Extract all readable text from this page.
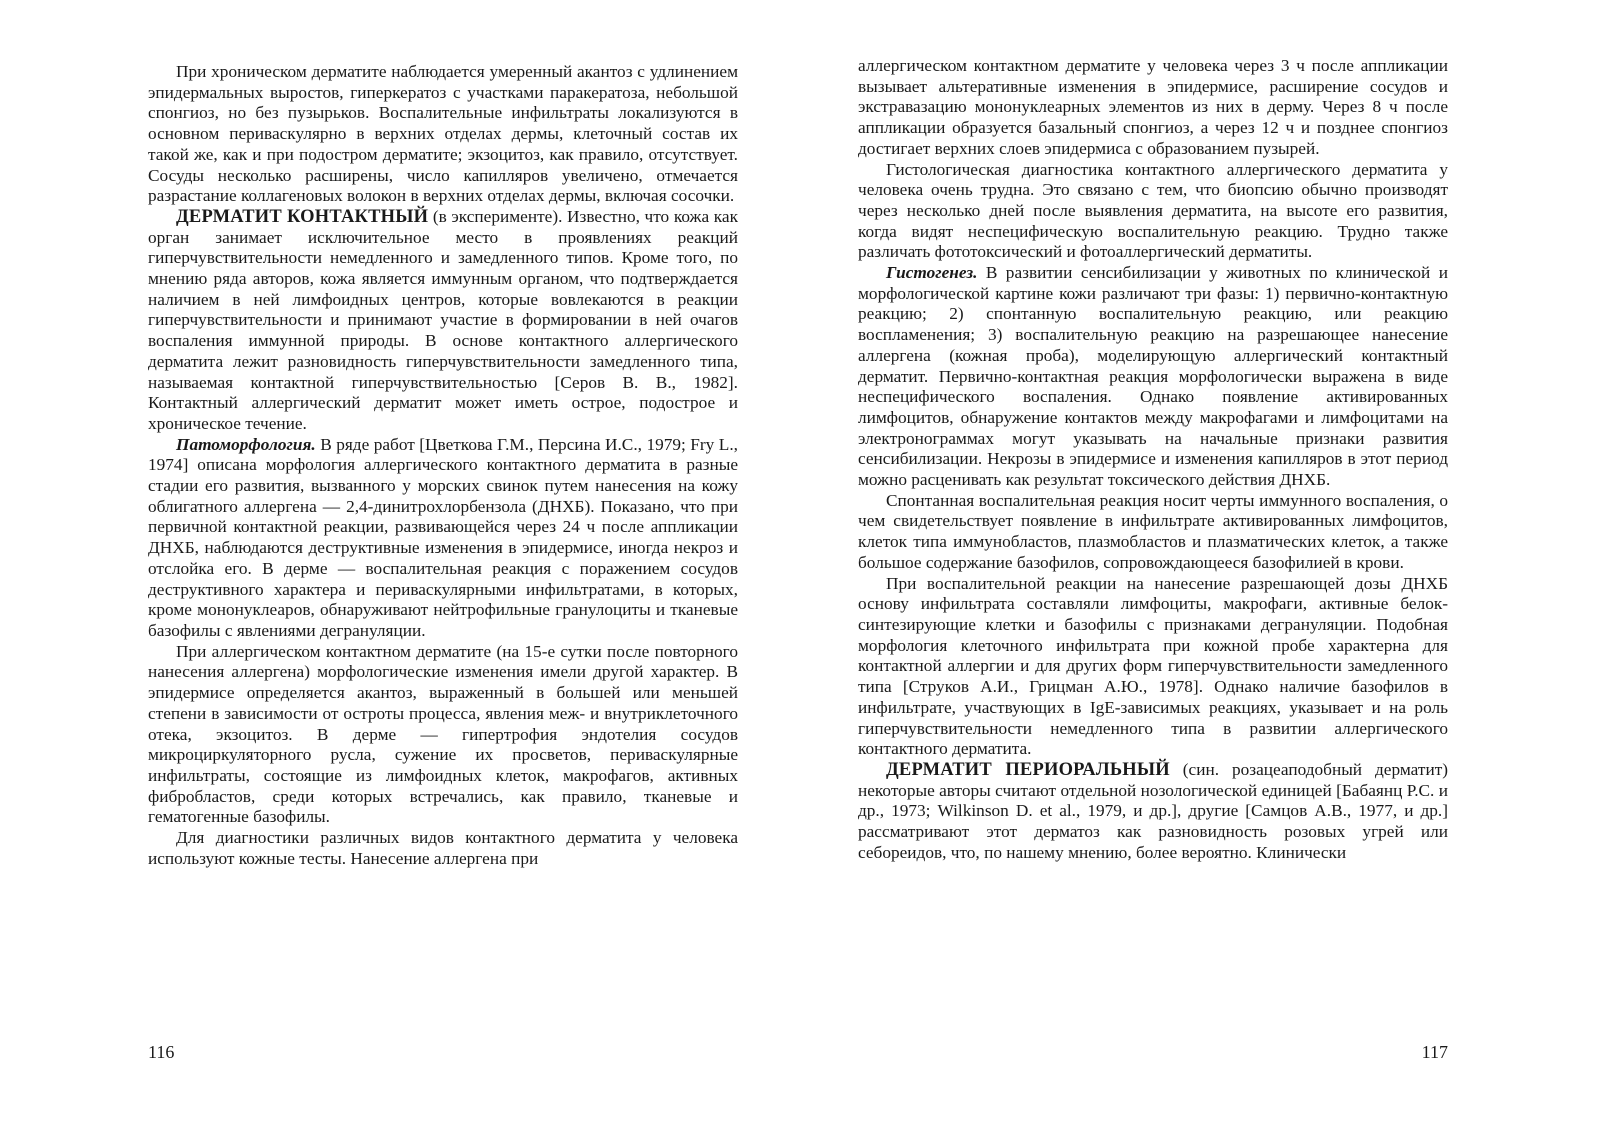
При хроническом дерматите наблюдается умеренный акантоз с удлинением эпидермальных выростов, гиперкератоз с участками паракератоза, небольшой спонгиоз, но без пузырьков. Воспалительные инфильтраты локализуются в основном периваскулярно в верхних отделах дермы, клеточный состав их такой же, как и при подостром дерматите; экзоцитоз, как правило, отсутствует. Сосуды несколько расширены, число капилляров увеличено, отмечается разрастание коллагеновых волокон в верхних отделах дермы, включая сосочки.

ДЕРМАТИТ КОНТАКТНЫЙ (в эксперименте). Известно, что кожа как орган занимает исключительное место в проявлениях реакций гиперчувствительности немедленного и замедленного типов. Кроме того, по мнению ряда авторов, кожа является иммунным органом, что подтверждается наличием в ней лимфоидных центров, которые вовлекаются в реакции гиперчувствительности и принимают участие в формировании в ней очагов воспаления иммунной природы. В основе контактного аллергического дерматита лежит разновидность гиперчувствительности замедленного типа, называемая контактной гиперчувствительностью [Серов В. В., 1982]. Контактный аллергический дерматит может иметь острое, подострое и хроническое течение.

Патоморфология. В ряде работ [Цветкова Г.М., Персина И.С., 1979; Fry L., 1974] описана морфология аллергического контактного дерматита в разные стадии его развития, вызванного у морских свинок путем нанесения на кожу облигатного аллергена — 2,4-динитрохлорбензола (ДНХБ). Показано, что при первичной контактной реакции, развивающейся через 24 ч после аппликации ДНХБ, наблюдаются деструктивные изменения в эпидермисе, иногда некроз и отслойка его. В дерме — воспалительная реакция с поражением сосудов деструктивного характера и периваскулярными инфильтратами, в которых, кроме мононуклеаров, обнаруживают нейтрофильные гранулоциты и тканевые базофилы с явлениями дегрануляции.

При аллергическом контактном дерматите (на 15-е сутки после повторного нанесения аллергена) морфологические изменения имели другой характер. В эпидермисе определяется акантоз, выраженный в большей или меньшей степени в зависимости от остроты процесса, явления меж- и внутриклеточного отека, экзоцитоз. В дерме — гипертрофия эндотелия сосудов микроциркуляторного русла, сужение их просветов, периваскулярные инфильтраты, состоящие из лимфоидных клеток, макрофагов, активных фибробластов, среди которых встречались, как правило, тканевые и гематогенные базофилы.

Для диагностики различных видов контактного дерматита у человека используют кожные тесты. Нанесение аллергена при

116

аллергическом контактном дерматите у человека через 3 ч после аппликации вызывает альтеративные изменения в эпидермисе, расширение сосудов и экстравазацию мононуклеарных элементов из них в дерму. Через 8 ч после аппликации образуется базальный спонгиоз, а через 12 ч и позднее спонгиоз достигает верхних слоев эпидермиса с образованием пузырей.

Гистологическая диагностика контактного аллергического дерматита у человека очень трудна. Это связано с тем, что биопсию обычно производят через несколько дней после выявления дерматита, на высоте его развития, когда видят неспецифическую воспалительную реакцию. Трудно также различать фототоксический и фотоаллергический дерматиты.

Гистогенез. В развитии сенсибилизации у животных по клинической и морфологической картине кожи различают три фазы: 1) первично-контактную реакцию; 2) спонтанную воспалительную реакцию, или реакцию воспламенения; 3) воспалительную реакцию на разрешающее нанесение аллергена (кожная проба), моделирующую аллергический контактный дерматит. Первично-контактная реакция морфологически выражена в виде неспецифического воспаления. Однако появление активированных лимфоцитов, обнаружение контактов между макрофагами и лимфоцитами на электронограммах могут указывать на начальные признаки развития сенсибилизации. Некрозы в эпидермисе и изменения капилляров в этот период можно расценивать как результат токсического действия ДНХБ.

Спонтанная воспалительная реакция носит черты иммунного воспаления, о чем свидетельствует появление в инфильтрате активированных лимфоцитов, клеток типа иммунобластов, плазмобластов и плазматических клеток, а также большое содержание базофилов, сопровождающееся базофилией в крови.

При воспалительной реакции на нанесение разрешающей дозы ДНХБ основу инфильтрата составляли лимфоциты, макрофаги, активные белок-синтезирующие клетки и базофилы с признаками дегрануляции. Подобная морфология клеточного инфильтрата при кожной пробе характерна для контактной аллергии и для других форм гиперчувствительности замедленного типа [Струков А.И., Грицман А.Ю., 1978]. Однако наличие базофилов в инфильтрате, участвующих в IgE-зависимых реакциях, указывает и на роль гиперчувствительности немедленного типа в развитии аллергического контактного дерматита.

ДЕРМАТИТ ПЕРИОРАЛЬНЫЙ (син. розацеаподобный дерматит) некоторые авторы считают отдельной нозологической единицей [Бабаянц Р.С. и др., 1973; Wilkinson D. et al., 1979, и др.], другие [Самцов А.В., 1977, и др.] рассматривают этот дерматоз как разновидность розовых угрей или себореидов, что, по нашему мнению, более вероятно. Клинически

117
